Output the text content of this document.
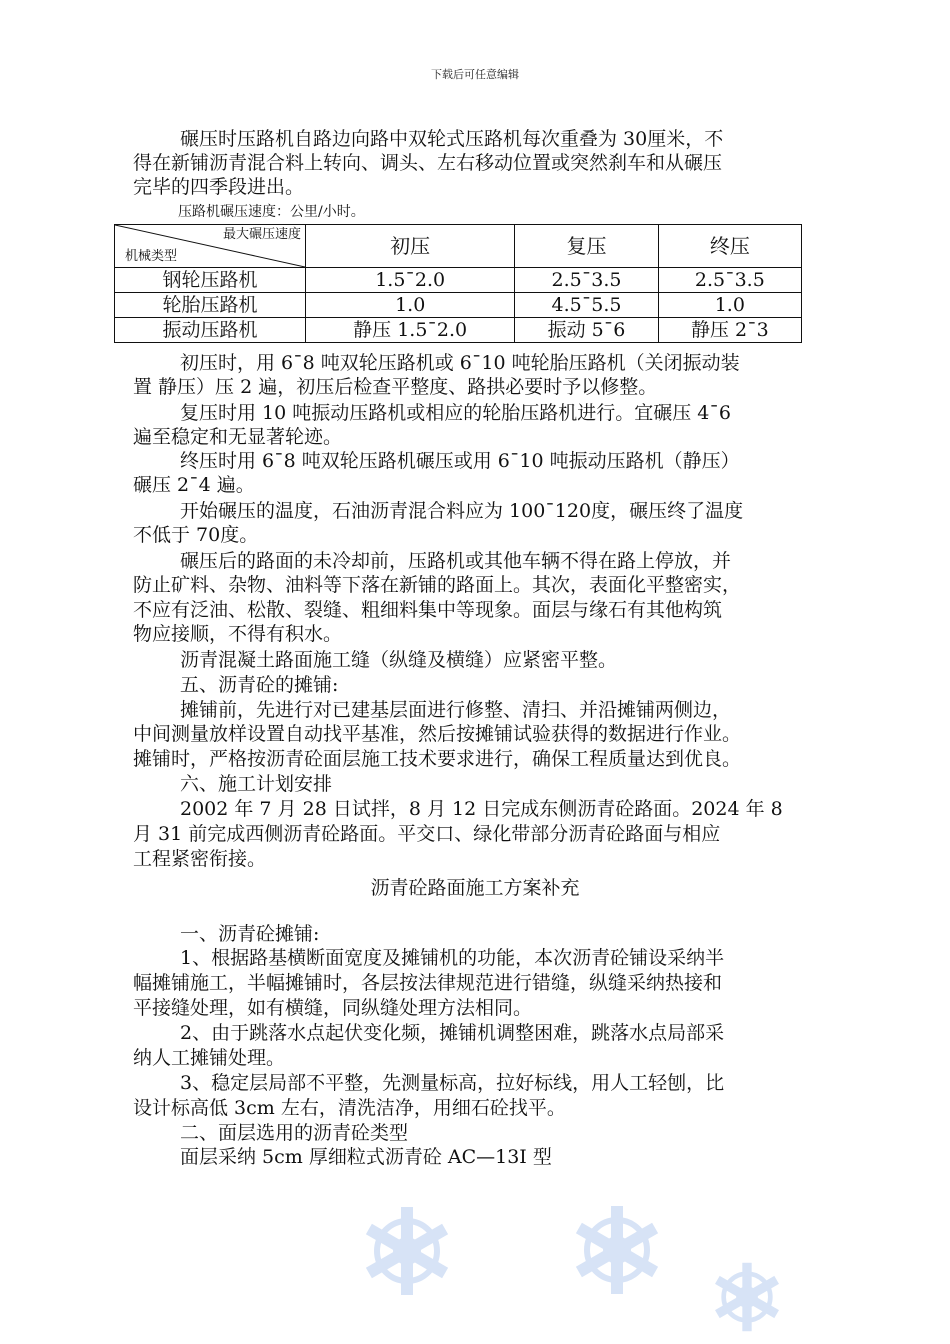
下载后可任意编辑

碾压时压路机自路边向路中双轮式压路机每次重叠为 30厘米，不

得在新铺沥青混合料上转向、调头、左右移动位置或突然刹车和从碾压

完毕的四季段进出。

压路机碾压速度：公里/小时。
最大碾压速度
机械类型	初压	复压	终压
钢轮压路机	1.5¯2.0	2.5¯3.5	2.5¯3.5
轮胎压路机	1.0	4.5¯5.5	1.0
振动压路机	静压 1.5¯2.0	振动 5¯6	静压 2¯3

初压时，用 6¯8 吨双轮压路机或 6¯10 吨轮胎压路机（关闭振动装

置 静压）压 2 遍，初压后检查平整度、路拱必要时予以修整。

复压时用 10 吨振动压路机或相应的轮胎压路机进行。宜碾压 4¯6

遍至稳定和无显著轮迹。

终压时用 6¯8 吨双轮压路机碾压或用 6¯10 吨振动压路机（静压）

碾压 2¯4 遍。

开始碾压的温度，石油沥青混合料应为 100¯120度，碾压终了温度

不低于 70度。

碾压后的路面的未冷却前，压路机或其他车辆不得在路上停放，并

防止矿料、杂物、油料等下落在新铺的路面上。其次，表面化平整密实，

不应有泛油、松散、裂缝、粗细料集中等现象。面层与缘石有其他构筑

物应接顺，不得有积水。

沥青混凝土路面施工缝（纵缝及横缝）应紧密平整。

五、沥青砼的摊铺:

摊铺前，先进行对已建基层面进行修整、清扫、并沿摊铺两侧边，

中间测量放样设置自动找平基准，然后按摊铺试验获得的数据进行作业。

摊铺时，严格按沥青砼面层施工技术要求进行，确保工程质量达到优良。

六、施工计划安排

2002 年 7 月 28 日试拌，8 月 12 日完成东侧沥青砼路面。2024 年 8

月 31 前完成西侧沥青砼路面。平交口、绿化带部分沥青砼路面与相应

工程紧密衔接。

沥青砼路面施工方案补充

一、沥青砼摊铺:

1、根据路基横断面宽度及摊铺机的功能，本次沥青砼铺设采纳半

幅摊铺施工，半幅摊铺时，各层按法律规范进行错缝，纵缝采纳热接和

平接缝处理，如有横缝，同纵缝处理方法相同。

2、由于跳落水点起伏变化频，摊铺机调整困难，跳落水点局部采

纳人工摊铺处理。

3、稳定层局部不平整，先测量标高，拉好标线，用人工轻刨，比

设计标高低 3cm 左右，清洗洁净，用细石砼找平。

二、面层选用的沥青砼类型

面层采纳 5cm 厚细粒式沥青砼 AC—13Ⅰ 型
